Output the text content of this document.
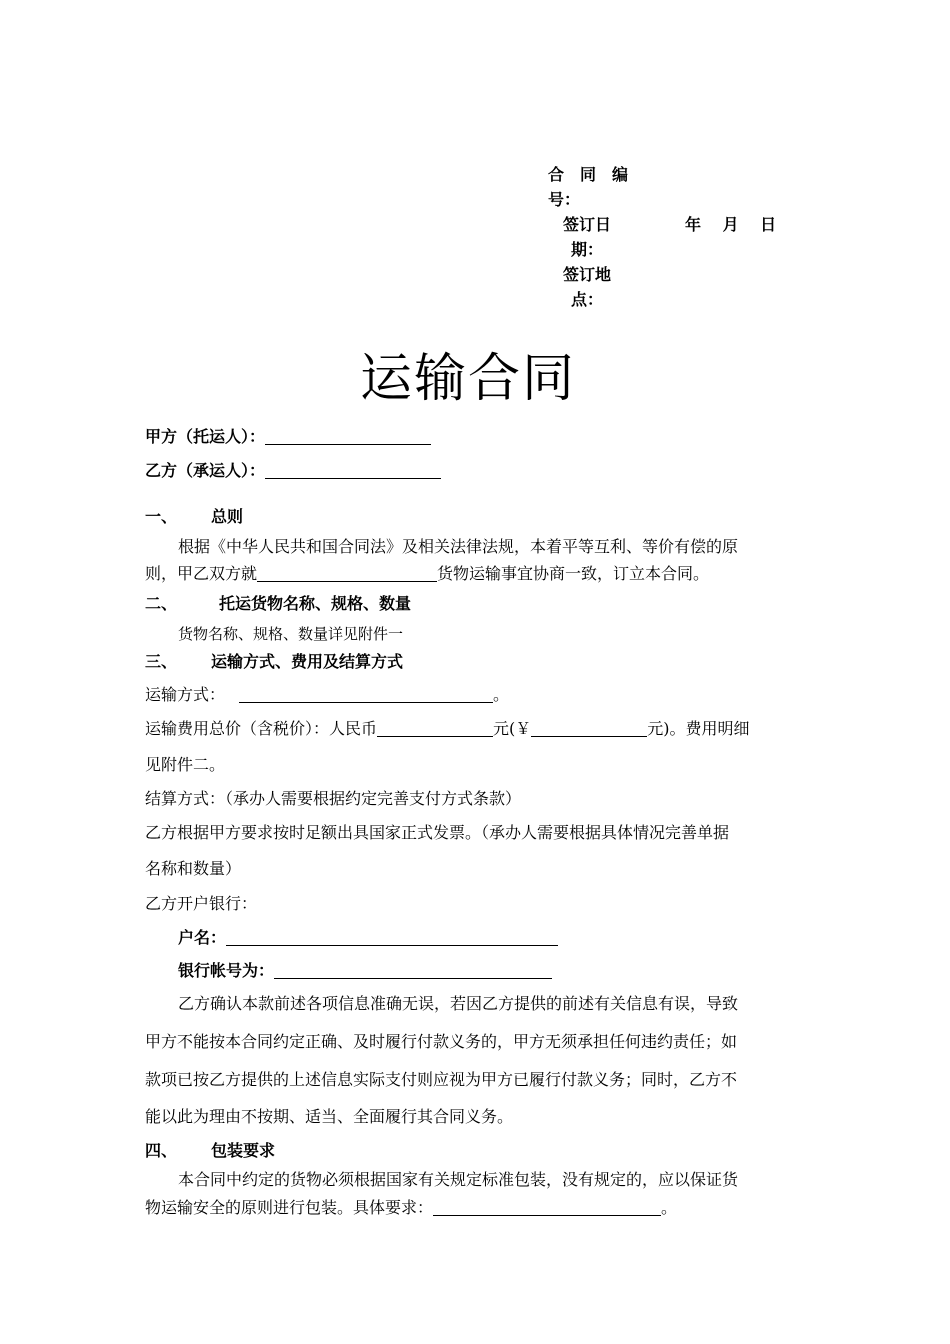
合　同　编
号：
签订日	年　 月　 日
期：
签订地
点：
运输合同
甲方（托运人）：
乙方（承运人）：
一、 总则
根据《中华人民共和国合同法》及相关法律法规，本着平等互利、等价有偿的原
则，甲乙双方就	货物运输事宜协商一致，订立本合同。
二、	托运货物名称、规格、数量
货物名称、规格、数量详见附件一
三、 运输方式、费用及结算方式
运输方式：	。
运输费用总价（含税价）：人民币	元(￥	元)。费用明细
见附件二。
结算方式：（承办人需要根据约定完善支付方式条款）
乙方根据甲方要求按时足额出具国家正式发票。（承办人需要根据具体情况完善单据
名称和数量）
乙方开户银行：
户名：
银行帐号为：
乙方确认本款前述各项信息准确无误，若因乙方提供的前述有关信息有误，导致
甲方不能按本合同约定正确、及时履行付款义务的，甲方无须承担任何违约责任；如
款项已按乙方提供的上述信息实际支付则应视为甲方已履行付款义务；同时，乙方不
能以此为理由不按期、适当、全面履行其合同义务。
四、 包装要求
本合同中约定的货物必须根据国家有关规定标准包装，没有规定的，应以保证货
物运输安全的原则进行包装。具体要求：	。
